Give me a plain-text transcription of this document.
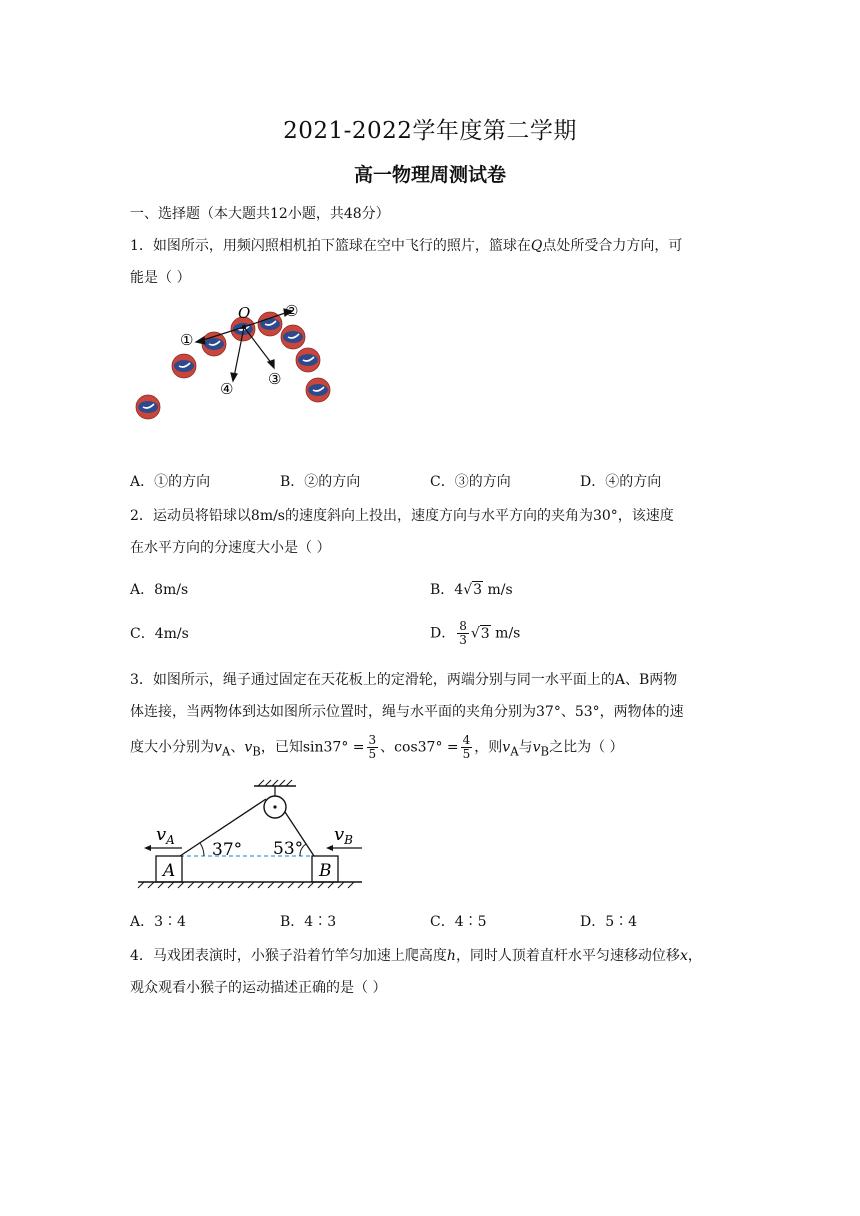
2021-2022学年度第二学期
高一物理周测试卷
一、选择题（本大题共12小题，共48分）
1．如图所示，用频闪照相机拍下篮球在空中飞行的照片，篮球在Q点处所受合力方向，可
能是（ ）
O
①
②
③
④
A．①的方向	B．②的方向	C．③的方向	D．④的方向
2．运动员将铅球以8m/s的速度斜向上投出，速度方向与水平方向的夹角为30°，该速度
在水平方向的分速度大小是（ ）
A．8m/s	B．4√3 m/s
C．4m/s	D． $\frac{8}{3} √3$ m/s
3．如图所示，绳子通过固定在天花板上的定滑轮，两端分别与同一水平面上的A、B两物
体连接，当两物体到达如图所示位置时，绳与水平面的夹角分别为37°、53°，两物体的速
度大小分别为$v_A$、$v_B$，已知$\sin 37^\circ = \frac{3}{5}$ 、$\cos 37^\circ = \frac{4}{5}$ ，则$v_A$与$v_B$之比为（ ）
37° 53°
A	B
$v_A$	$v_B$
A．3∶4	B．4∶3	C．4∶5	D．5∶4
4．马戏团表演时，小猴子沿着竹竿匀加速上爬高度h，同时人顶着直杆水平匀速移动位移x，
观众观看小猴子的运动描述正确的是（ ）
